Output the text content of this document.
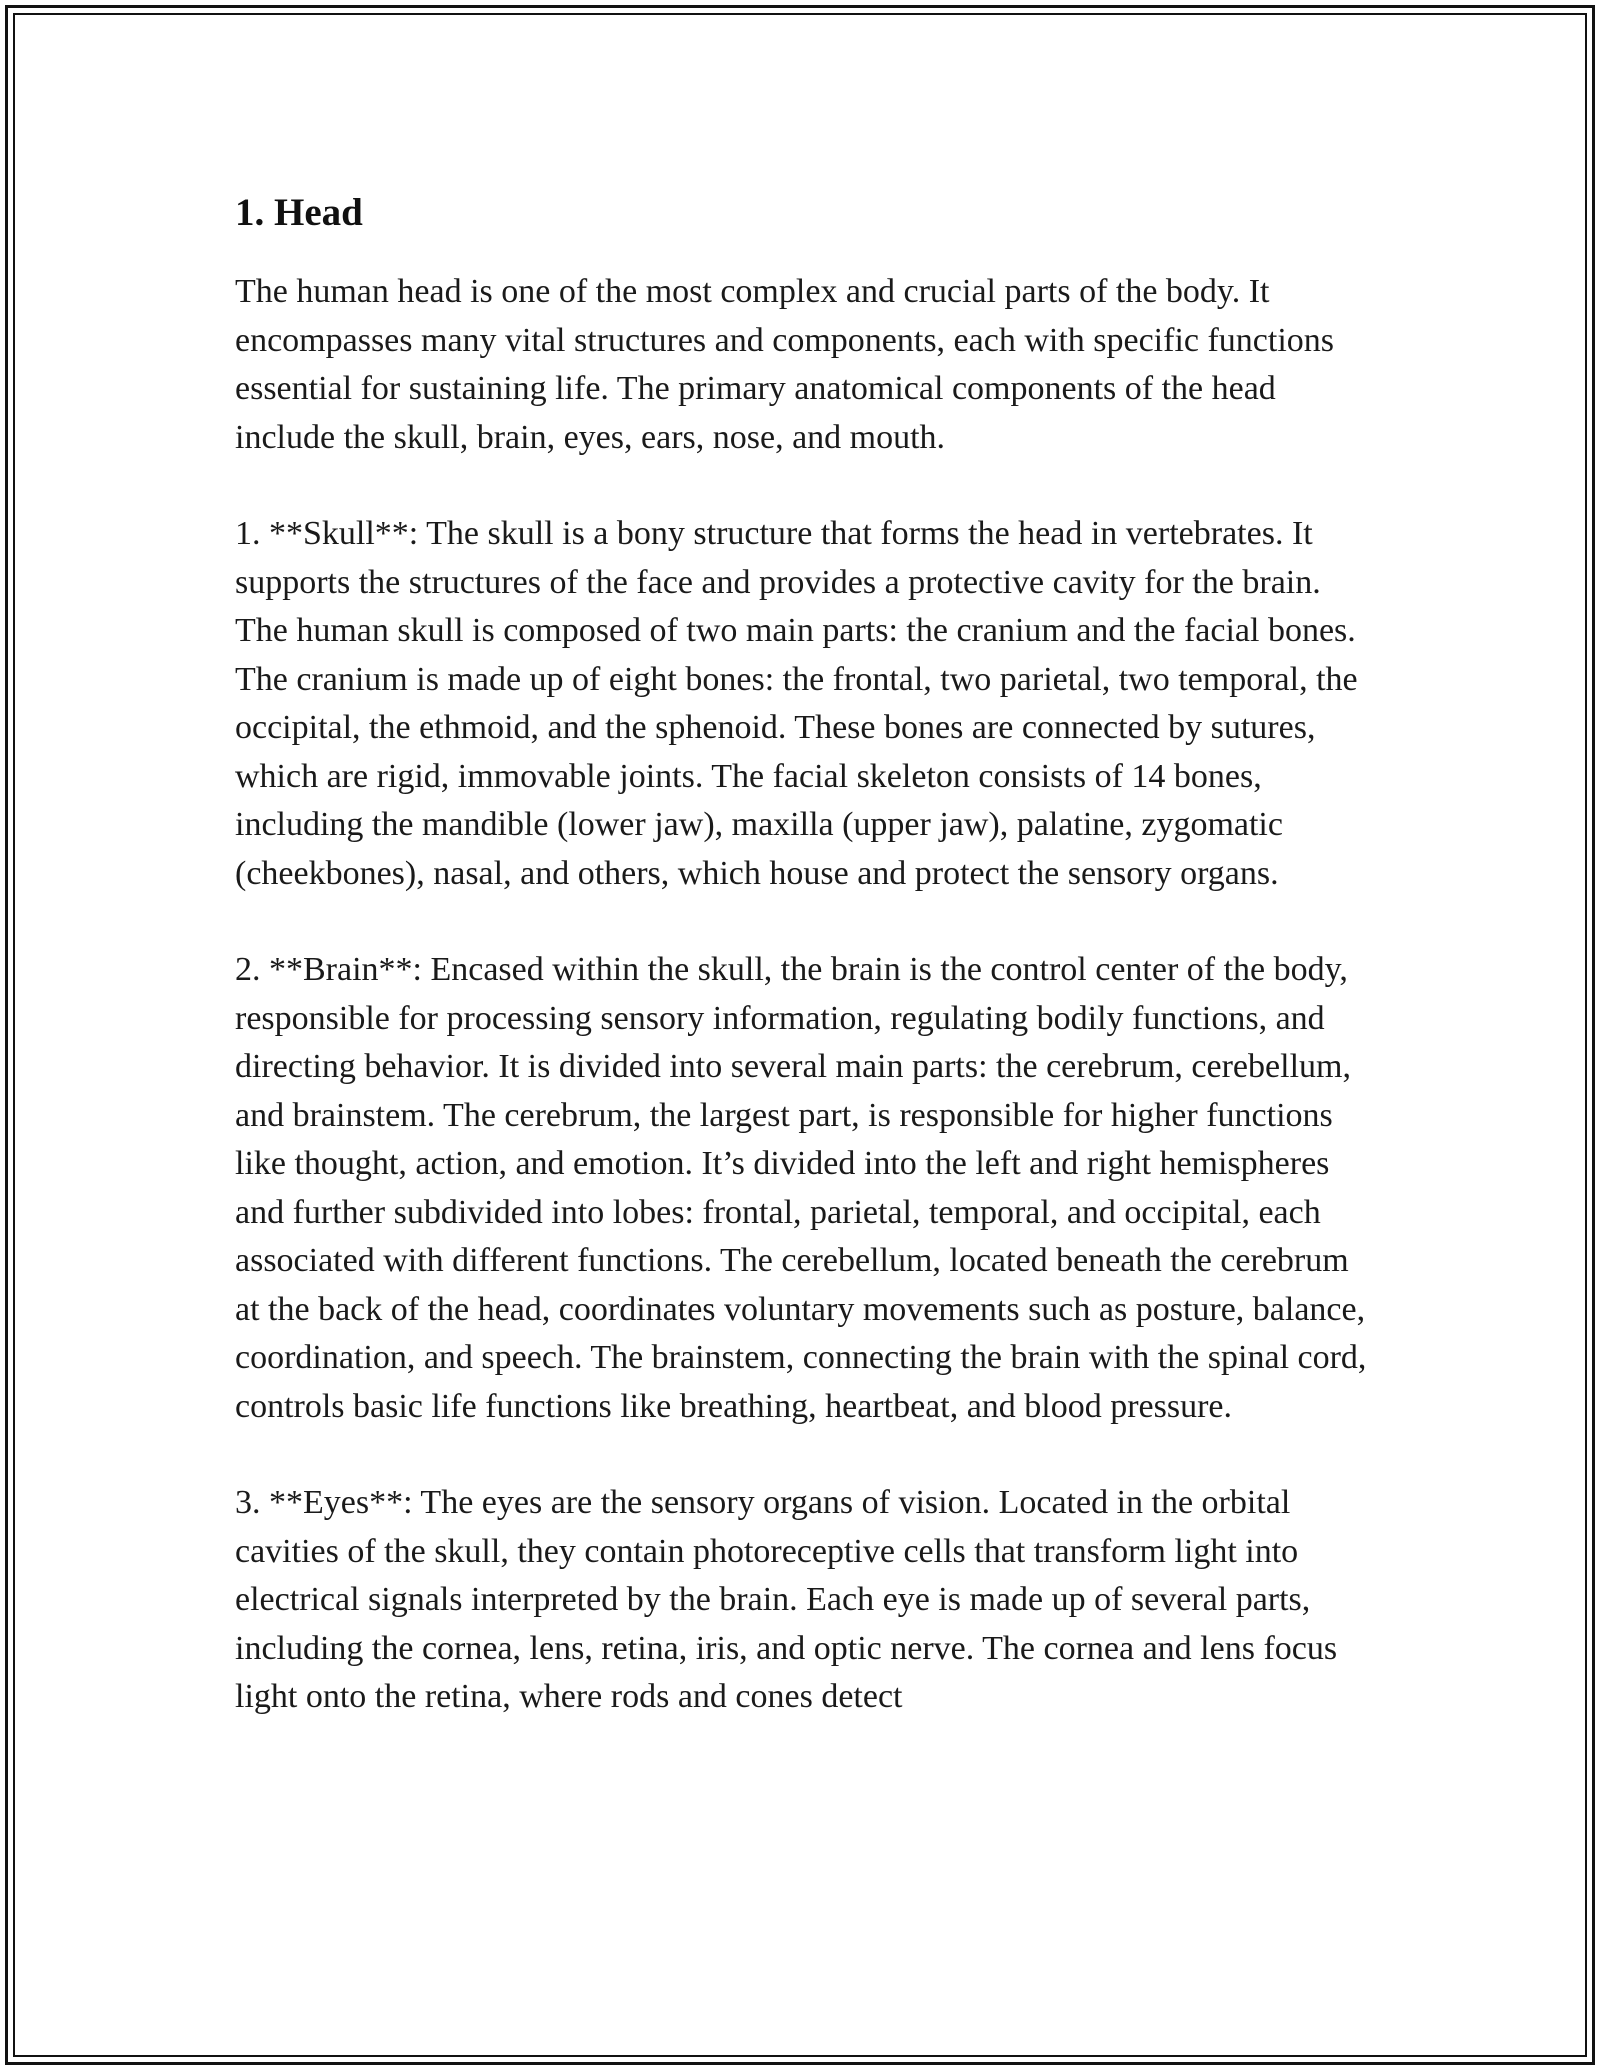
1. Head

The human head is one of the most complex and crucial parts of the body. It encompasses many vital structures and components, each with specific functions essential for sustaining life. The primary anatomical components of the head include the skull, brain, eyes, ears, nose, and mouth.

1. **Skull**: The skull is a bony structure that forms the head in vertebrates. It supports the structures of the face and provides a protective cavity for the brain. The human skull is composed of two main parts: the cranium and the facial bones. The cranium is made up of eight bones: the frontal, two parietal, two temporal, the occipital, the ethmoid, and the sphenoid. These bones are connected by sutures, which are rigid, immovable joints. The facial skeleton consists of 14 bones, including the mandible (lower jaw), maxilla (upper jaw), palatine, zygomatic (cheekbones), nasal, and others, which house and protect the sensory organs.

2. **Brain**: Encased within the skull, the brain is the control center of the body, responsible for processing sensory information, regulating bodily functions, and directing behavior. It is divided into several main parts: the cerebrum, cerebellum, and brainstem. The cerebrum, the largest part, is responsible for higher functions like thought, action, and emotion. It’s divided into the left and right hemispheres and further subdivided into lobes: frontal, parietal, temporal, and occipital, each associated with different functions. The cerebellum, located beneath the cerebrum at the back of the head, coordinates voluntary movements such as posture, balance, coordination, and speech. The brainstem, connecting the brain with the spinal cord, controls basic life functions like breathing, heartbeat, and blood pressure.

3. **Eyes**: The eyes are the sensory organs of vision. Located in the orbital cavities of the skull, they contain photoreceptive cells that transform light into electrical signals interpreted by the brain. Each eye is made up of several parts, including the cornea, lens, retina, iris, and optic nerve. The cornea and lens focus light onto the retina, where rods and cones detect
